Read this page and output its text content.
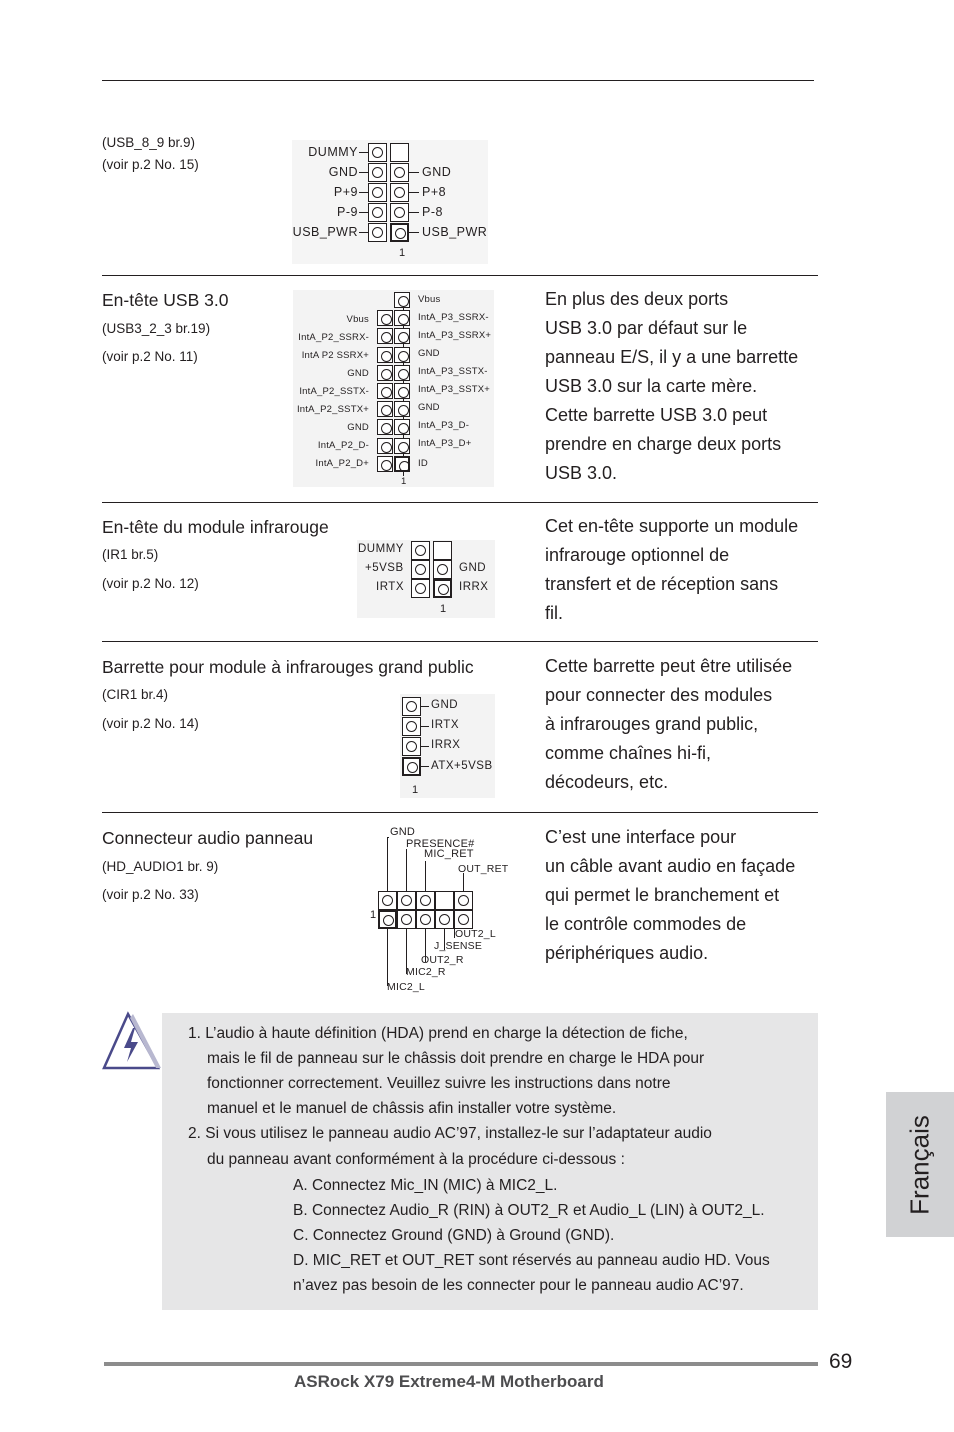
(USB_8_9 br.9)
(voir p.2 No. 15)
DUMMY
GND
P+9
P-9
USB_PWR
GND
P+8
P-8
USB_PWR
1
En-tête USB 3.0
(USB3_2_3 br.19)
(voir p.2 No. 11)
Vbus
IntA_P2_SSRX-
IntA P2 SSRX+
GND
IntA_P2_SSTX-
IntA_P2_SSTX+
GND
IntA_P2_D-
IntA_P2_D+
Vbus
IntA_P3_SSRX-
IntA_P3_SSRX+
GND
IntA_P3_SSTX-
IntA_P3_SSTX+
GND
IntA_P3_D-
IntA_P3_D+
ID
1
En plus des deux ports
USB 3.0 par défaut sur le
panneau E/S, il y a une barrette
USB 3.0 sur la carte mère.
Cette barrette USB 3.0 peut
prendre en charge deux ports
USB 3.0.
En-tête du module infrarouge
(IR1 br.5)
(voir p.2 No. 12)
DUMMY
+5VSB
IRTX
GND
IRRX
1
Cet en-tête supporte un module
infrarouge optionnel de
transfert et de réception sans
fil.
Barrette pour module à infrarouges grand public
(CIR1 br.4)
(voir p.2 No. 14)
GND
IRTX
IRRX
ATX+5VSB
1
Cette barrette peut être utilisée
pour connecter des modules
à infrarouges grand public,
comme chaînes hi-fi,
décodeurs, etc.
Connecteur audio panneau
(HD_AUDIO1 br. 9)
(voir p.2 No. 33)
GND
PRESENCE#
MIC_RET
OUT_RET
OUT2_L
J_SENSE
OUT2_R
MIC2_R
MIC2_L
1
C’est une interface pour
un câble avant audio en façade
qui permet le branchement et
le contrôle commodes de
périphériques audio.
1. L’audio à haute définition (HDA) prend en charge la détection de fiche,
mais le fil de panneau sur le châssis doit prendre en charge le HDA pour
fonctionner correctement. Veuillez suivre les instructions dans notre
manuel et le manuel de châssis afin installer votre système.
2. Si vous utilisez le panneau audio AC’97, installez-le sur l’adaptateur audio
du panneau avant conformément à la procédure ci-dessous :
A. Connectez Mic_IN (MIC) à MIC2_L.
B. Connectez Audio_R (RIN) à OUT2_R et Audio_L (LIN) à OUT2_L.
C. Connectez Ground (GND) à Ground (GND).
D. MIC_RET et OUT_RET sont réservés au panneau audio HD. Vous
n’avez pas besoin de les connecter pour le panneau audio AC’97.
Français
69
ASRock X79 Extreme4-M Motherboard
